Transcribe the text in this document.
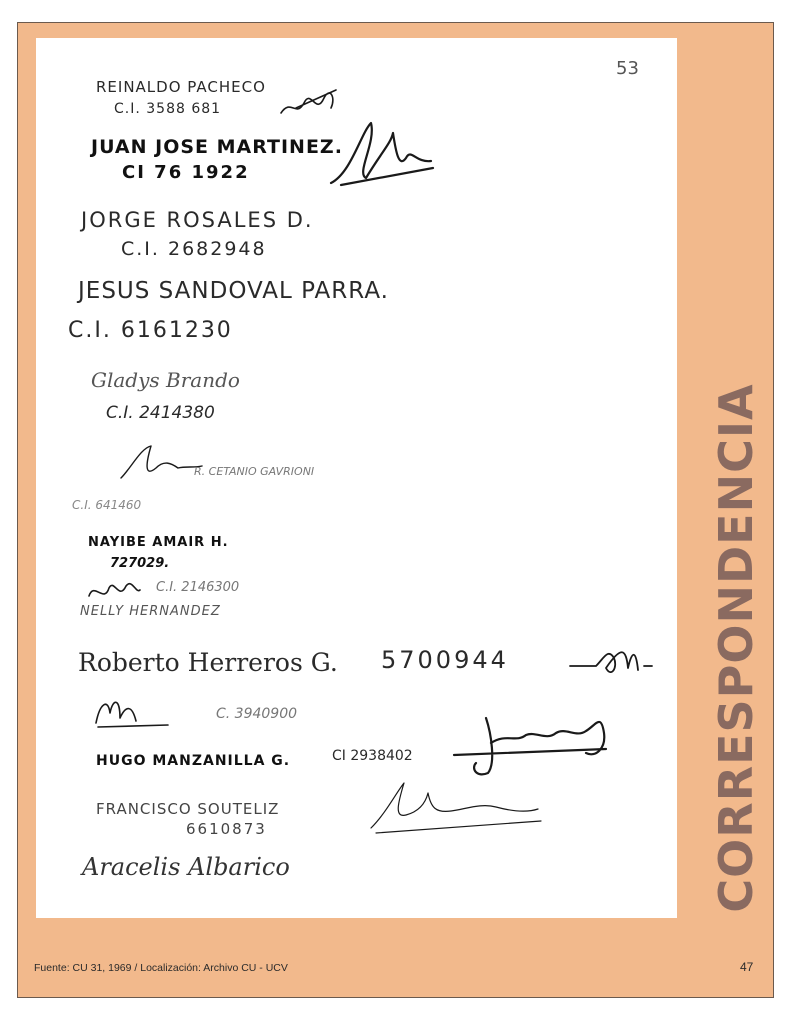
53
REINALDO PACHECO
C.I. 3588 681
JUAN JOSE MARTINEZ.
CI 76 1922
JORGE ROSALES D.
C.I. 2682948
JESUS SANDOVAL PARRA.
C.I. 6161230
Gladys Brando
C.I. 2414380
R. CETANIO GAVRIONI
C.I. 641460
NAYIBE AMAIR H.
727029.
C.I. 2146300
NELLY HERNANDEZ
Roberto Herreros G. 5700944
C. 3940900
HUGO MANZANILLA G.	CI 2938402
FRANCISCO SOUTELIZ
6610873
Aracelis Albarico	CORRESPONDENCIA
Fuente: CU 31, 1969 / Localización: Archivo CU - UCV	47
